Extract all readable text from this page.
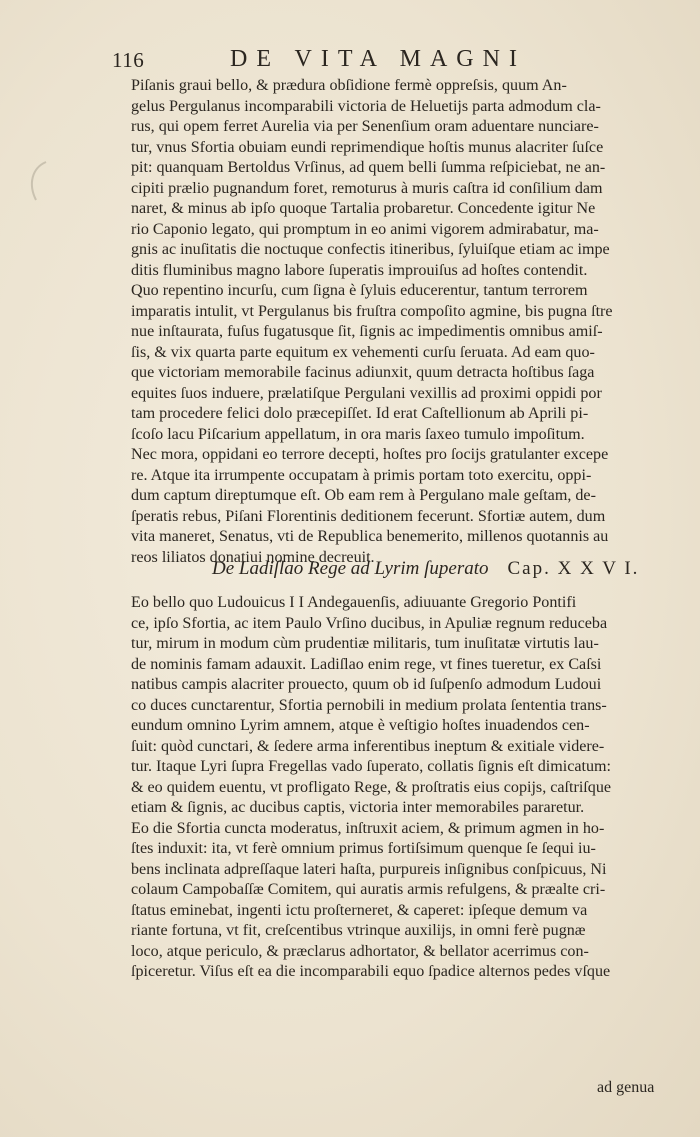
116	DE VITA MAGNI
Piſanis graui bello, & prædura obſidione fermè oppreſsis, quum An-
gelus Pergulanus incomparabili victoria de Heluetijs parta admodum cla-
rus, qui opem ferret Aurelia via per Senenſium oram aduentare nunciare-
tur, vnus Sfortia obuiam eundi reprimendique hoſtis munus alacriter ſuſce
pit: quanquam Bertoldus Vrſinus, ad quem belli ſumma reſpiciebat, ne an-
cipiti prælio pugnandum foret, remoturus à muris caſtra id conſilium dam
naret, & minus ab ipſo quoque Tartalia probaretur. Concedente igitur Ne
rio Caponio legato, qui promptum in eo animi vigorem admirabatur, ma-
gnis ac inuſitatis die noctuque confectis itineribus, ſyluiſque etiam ac impe
ditis fluminibus magno labore ſuperatis improuiſus ad hoſtes contendit.
Quo repentino incurſu, cum ſigna è ſyluis educerentur, tantum terrorem
imparatis intulit, vt Pergulanus bis fruſtra compoſito agmine, bis pugna ſtre
nue inſtaurata, fuſus fugatusque ſit, ſignis ac impedimentis omnibus amiſ-
ſis, & vix quarta parte equitum ex vehementi curſu ſeruata. Ad eam quo-
que victoriam memorabile facinus adiunxit, quum detracta hoſtibus ſaga
equites ſuos induere, prælatiſque Pergulani vexillis ad proximi oppidi por
tam procedere felici dolo præcepiſſet. Id erat Caſtellionum ab Aprili pi-
ſcoſo lacu Piſcarium appellatum, in ora maris ſaxeo tumulo impoſitum.
Nec mora, oppidani eo terrore decepti, hoſtes pro ſocijs gratulanter excepe
re. Atque ita irrumpente occupatam à primis portam toto exercitu, oppi-
dum captum direptumque eſt. Ob eam rem à Pergulano male geſtam, de-
ſperatis rebus, Piſani Florentinis deditionem fecerunt. Sfortiæ autem, dum
vita maneret, Senatus, vti de Republica benemerito, millenos quotannis au
reos liliatos donatiui nomine decreuit.
De Ladiſlao Rege ad Lyrim ſuperato Cap. X X V I.
Eo bello quo Ludouicus I I Andegauenſis, adiuuante Gregorio Pontifi
ce, ipſo Sfortia, ac item Paulo Vrſino ducibus, in Apuliæ regnum reduceba
tur, mirum in modum cùm prudentiæ militaris, tum inuſitatæ virtutis lau-
de nominis famam adauxit. Ladiſlao enim rege, vt fines tueretur, ex Caſsi
natibus campis alacriter prouecto, quum ob id ſuſpenſo admodum Ludoui
co duces cunctarentur, Sfortia pernobili in medium prolata ſententia trans-
eundum omnino Lyrim amnem, atque è veſtigio hoſtes inuadendos cen-
ſuit: quòd cunctari, & ſedere arma inferentibus ineptum & exitiale videre-
tur. Itaque Lyri ſupra Fregellas vado ſuperato, collatis ſignis eſt dimicatum:
& eo quidem euentu, vt profligato Rege, & proſtratis eius copijs, caſtriſque
etiam & ſignis, ac ducibus captis, victoria inter memorabiles pararetur.
Eo die Sfortia cuncta moderatus, inſtruxit aciem, & primum agmen in ho-
ſtes induxit: ita, vt ferè omnium primus fortiſsimum quenque ſe ſequi iu-
bens inclinata adpreſſaque lateri haſta, purpureis inſignibus conſpicuus, Ni
colaum Campobaſſæ Comitem, qui auratis armis refulgens, & præalte cri-
ſtatus eminebat, ingenti ictu proſterneret, & caperet: ipſeque demum va
riante fortuna, vt fit, creſcentibus vtrinque auxilijs, in omni ferè pugnæ
loco, atque periculo, & præclarus adhortator, & bellator acerrimus con-
ſpiceretur. Viſus eſt ea die incomparabili equo ſpadice alternos pedes vſque
ad genua
